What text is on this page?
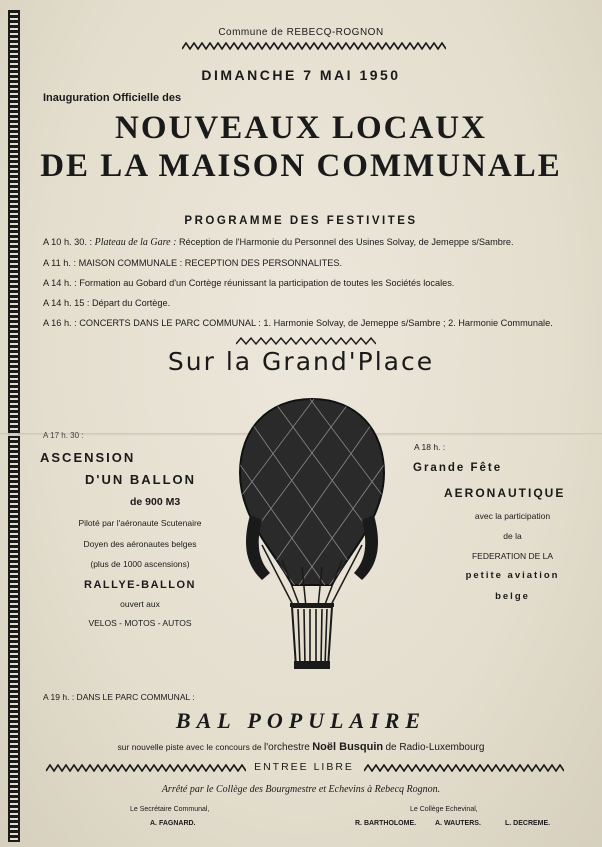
Commune de REBECQ-ROGNON
DIMANCHE 7 MAI 1950
Inauguration Officielle des
NOUVEAUX LOCAUX
DE LA MAISON COMMUNALE
PROGRAMME DES FESTIVITES
A 10 h. 30. : Plateau de la Gare : Réception de l'Harmonie du Personnel des Usines Solvay, de Jemeppe s/Sambre.
A 11 h. : MAISON COMMUNALE : RECEPTION DES PERSONNALITES.
A 14 h. : Formation au Gobard d'un Cortège réunissant la participation de toutes les Sociétés locales.
A 14 h. 15 : Départ du Cortège.
A 16 h. : CONCERTS DANS LE PARC COMMUNAL : 1. Harmonie Solvay, de Jemeppe s/Sambre ; 2. Harmonie Communale.
Sur la Grand'Place
A 17 h. 30 :
ASCENSION
D'UN BALLON
de 900 M3
Piloté par l'aéronaute Scutenaire
Doyen des aéronautes belges
(plus de 1000 ascensions)
RALLYE-BALLON
ouvert aux
VELOS - MOTOS - AUTOS
A 18 h. :
Grande Fête
AERONAUTIQUE
avec la participation
de la
FEDERATION DE LA
petite aviation
belge
A 19 h. : DANS LE PARC COMMUNAL :
BAL POPULAIRE
sur nouvelle piste avec le concours de l'orchestre Noël Busquin de Radio-Luxembourg
ENTREE LIBRE
Arrêté par le Collège des Bourgmestre et Echevins à Rebecq Rognon.
Le Secrétaire Communal,
A. FAGNARD.
Le Collège Echevinal,
R. BARTHOLOME.	A. WAUTERS.	L. DECREME.
